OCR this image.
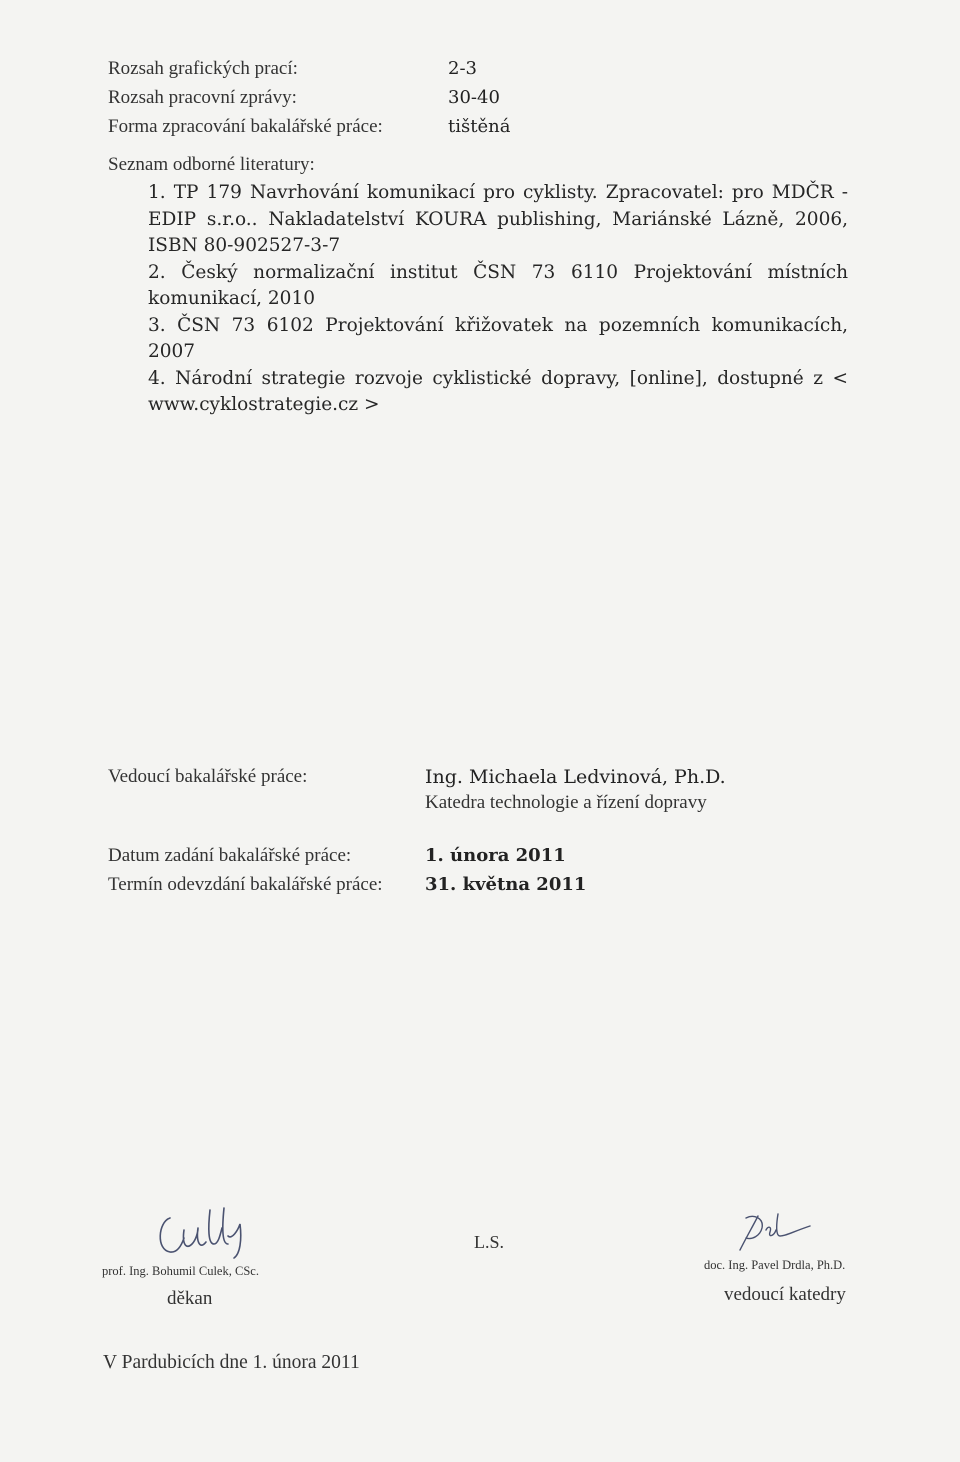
Rozsah grafických prací:	2-3
Rozsah pracovní zprávy:	30-40
Forma zpracování bakalářské práce:	tištěná
Seznam odborné literatury:
1. TP 179 Navrhování komunikací pro cyklisty. Zpracovatel: pro MDČR - EDIP s.r.o.. Nakladatelství KOURA publishing, Mariánské Lázně, 2006, ISBN 80-902527-3-7
2. Český normalizační institut ČSN 73 6110 Projektování místních komunikací, 2010
3. ČSN 73 6102 Projektování křižovatek na pozemních komunikacích, 2007
4. Národní strategie rozvoje cyklistické dopravy, [online], dostupné z < www.cyklostrategie.cz >
Vedoucí bakalářské práce:	Ing. Michaela Ledvinová, Ph.D.
Katedra technologie a řízení dopravy
Datum zadání bakalářské práce:	1. února 2011
Termín odevzdání bakalářské práce: 31. května 2011
prof. Ing. Bohumil Culek, CSc.
děkan
L.S.
doc. Ing. Pavel Drdla, Ph.D.
vedoucí katedry
V Pardubicích dne 1. února 2011
